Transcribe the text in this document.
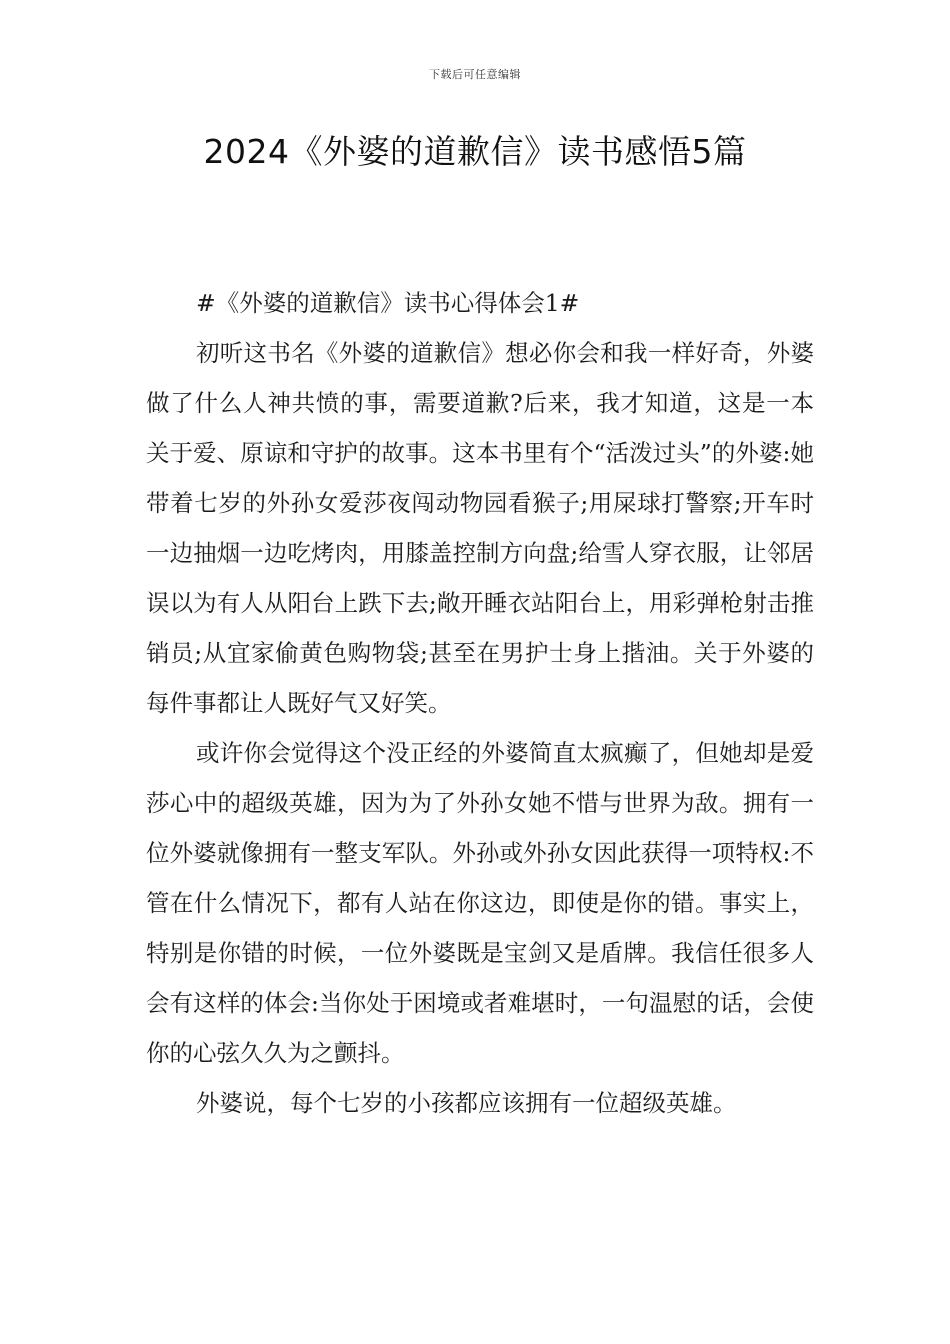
下载后可任意编辑
2024《外婆的道歉信》读书感悟5篇

#《外婆的道歉信》读书心得体会1#

初听这书名《外婆的道歉信》想必你会和我一样好奇，外婆做了什么人神共愤的事，需要道歉?后来，我才知道，这是一本关于爱、原谅和守护的故事。这本书里有个“活泼过头”的外婆:她带着七岁的外孙女爱莎夜闯动物园看猴子;用屎球打警察;开车时一边抽烟一边吃烤肉，用膝盖控制方向盘;给雪人穿衣服，让邻居误以为有人从阳台上跌下去;敞开睡衣站阳台上，用彩弹枪射击推销员;从宜家偷黄色购物袋;甚至在男护士身上揩油。关于外婆的每件事都让人既好气又好笑。

或许你会觉得这个没正经的外婆简直太疯癫了，但她却是爱莎心中的超级英雄，因为为了外孙女她不惜与世界为敌。拥有一位外婆就像拥有一整支军队。外孙或外孙女因此获得一项特权:不管在什么情况下，都有人站在你这边，即使是你的错。事实上，特别是你错的时候，一位外婆既是宝剑又是盾牌。我信任很多人会有这样的体会:当你处于困境或者难堪时，一句温慰的话，会使你的心弦久久为之颤抖。

外婆说，每个七岁的小孩都应该拥有一位超级英雄。
